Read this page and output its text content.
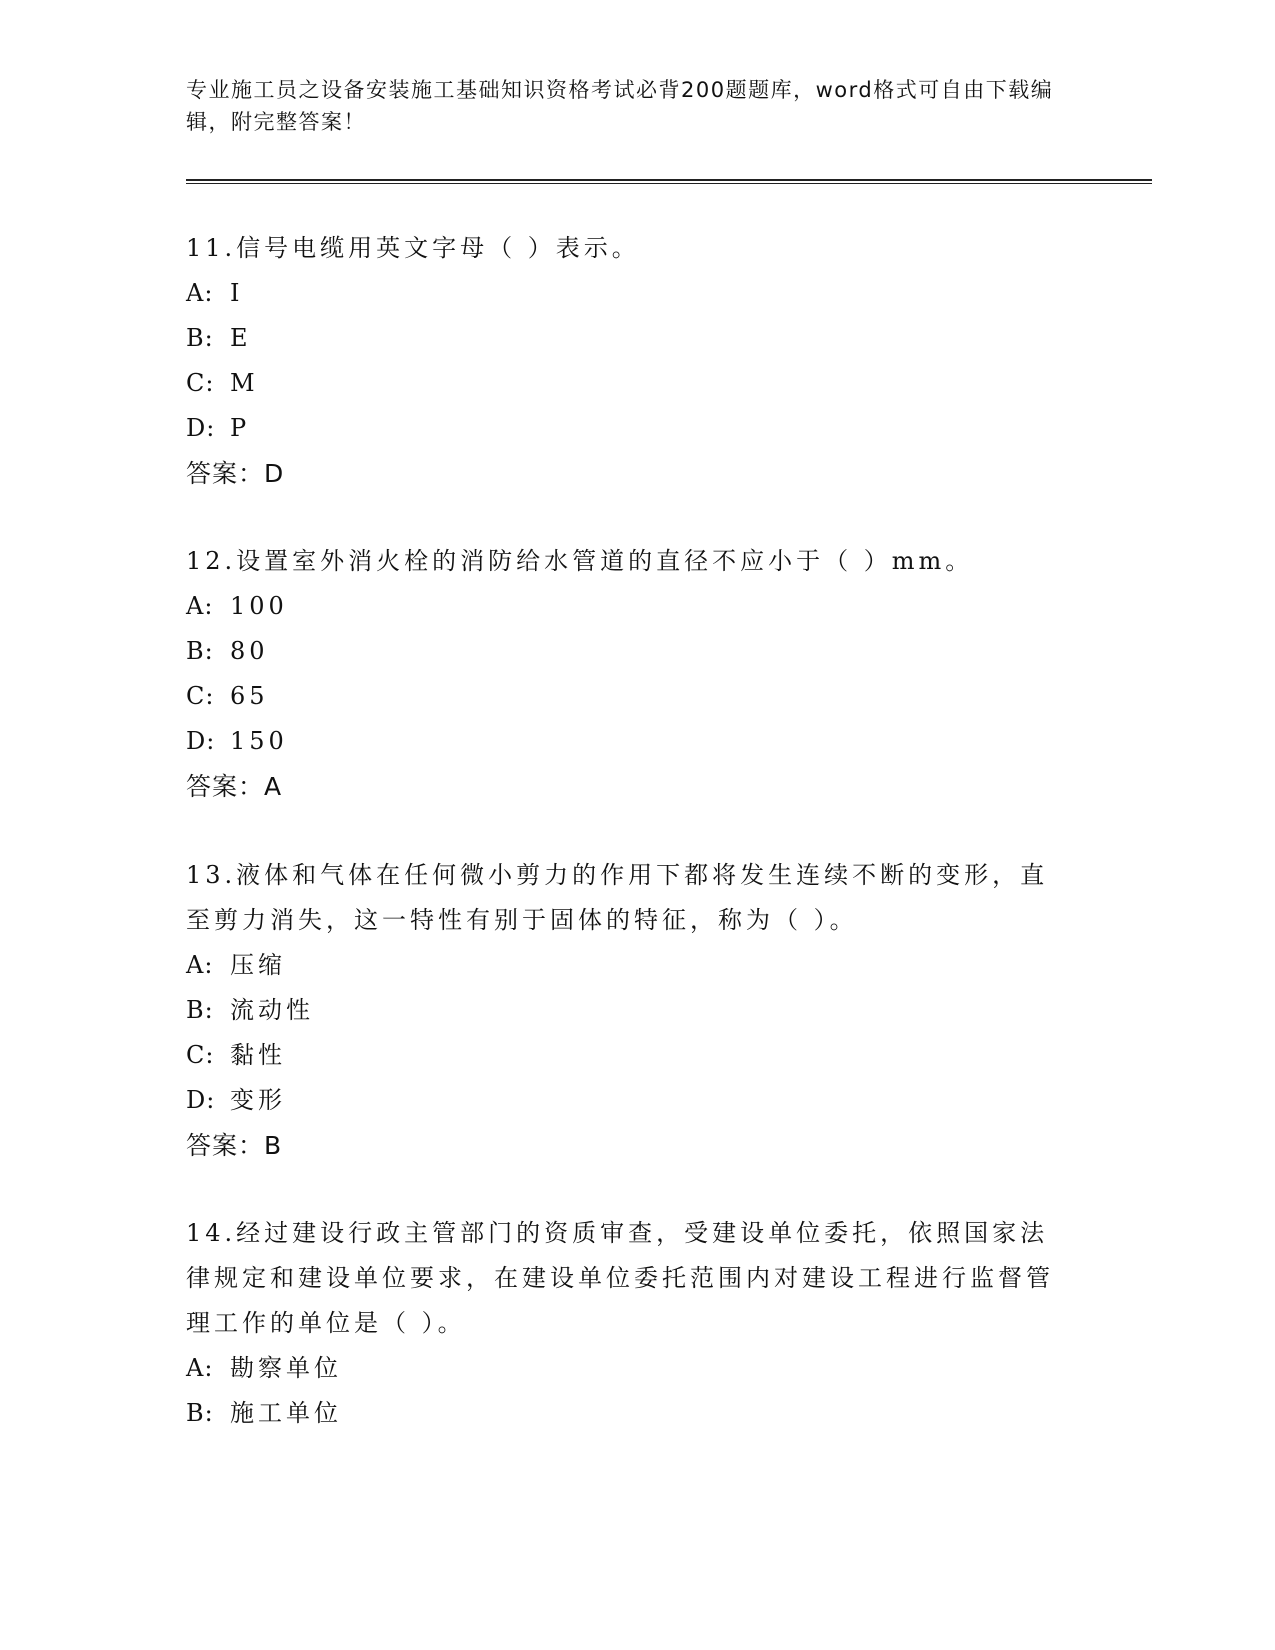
专业施工员之设备安装施工基础知识资格考试必背200题题库，word格式可自由下载编辑，附完整答案！

11.信号电缆用英文字母（ ）表示。

A: I
B: E
C: M
D: P
答案：D

12.设置室外消火栓的消防给水管道的直径不应小于（ ）mm。

A: 100
B: 80
C: 65
D: 150
答案：A

13.液体和气体在任何微小剪力的作用下都将发生连续不断的变形，直至剪力消失，这一特性有别于固体的特征，称为（ ）。

A: 压缩
B: 流动性
C: 黏性
D: 变形
答案：B

14.经过建设行政主管部门的资质审查，受建设单位委托，依照国家法律规定和建设单位要求，在建设单位委托范围内对建设工程进行监督管理工作的单位是（ ）。

A: 勘察单位
B: 施工单位
